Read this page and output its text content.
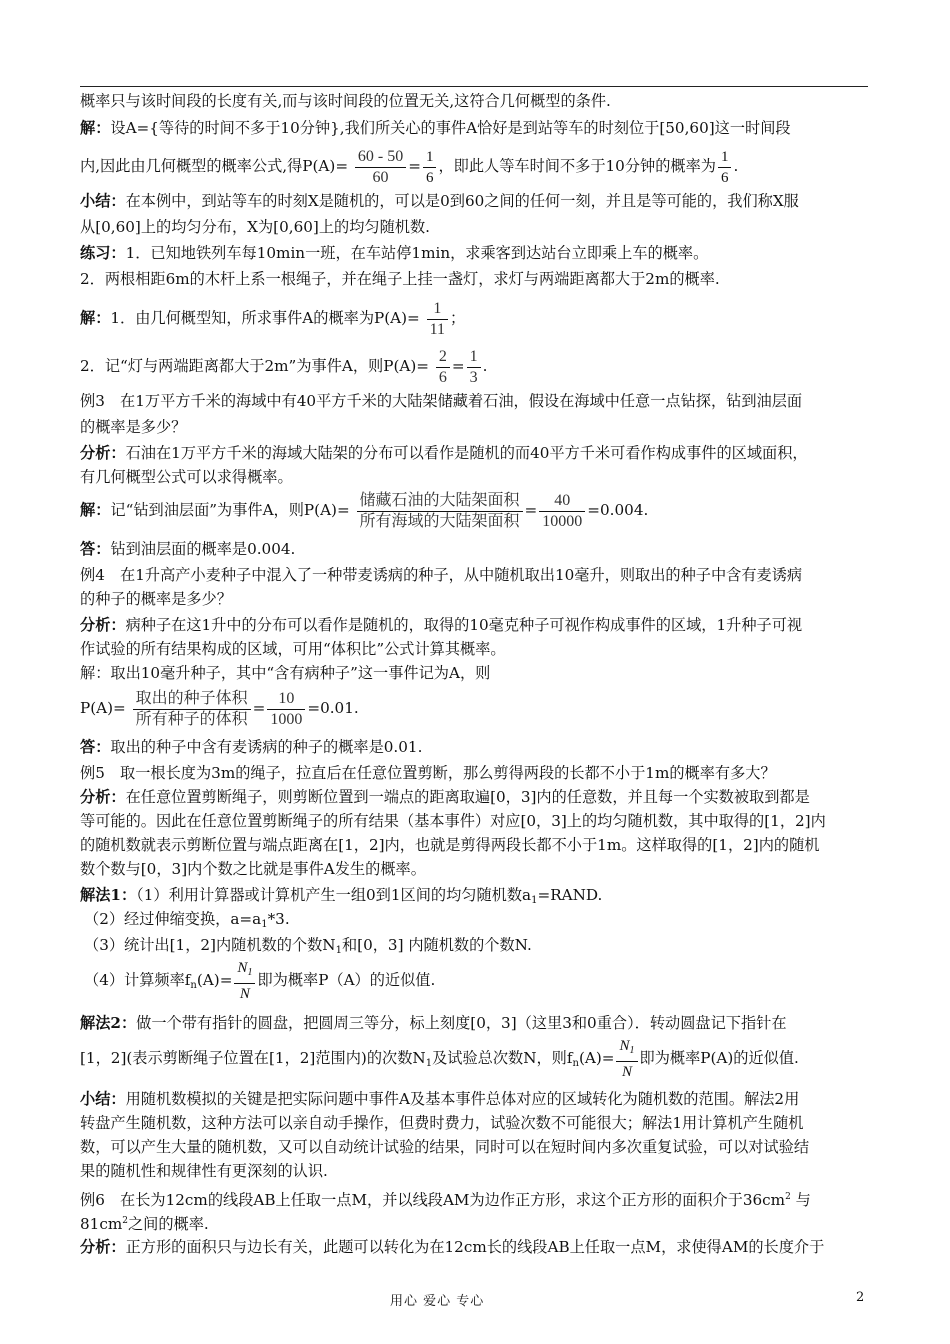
概率只与该时间段的长度有关,而与该时间段的位置无关,这符合几何概型的条件.
解：设A={等待的时间不多于10分钟},我们所关心的事件A恰好是到站等车的时刻位于[50,60]这一时间段
内,因此由几何概型的概率公式,得$P(A)= \frac{60 - 50}{60} = \frac{1}{6}$ ，即此人等车时间不多于10分钟的概率为 $\frac{1}{6}$ .
小结：在本例中，到站等车的时刻X是随机的，可以是0到60之间的任何一刻，并且是等可能的，我们称X服
从[0,60]上的均匀分布，X为[0,60]上的均匀随机数.
练习：1．已知地铁列车每10min一班，在车站停1min，求乘客到达站台立即乘上车的概率。
2．两根相距6m的木杆上系一根绳子，并在绳子上挂一盏灯，求灯与两端距离都大于2m的概率.
解：1．由几何概型知，所求事件A的概率为$P(A)= \frac{1}{11}$ ；
2．记“灯与两端距离都大于2m”为事件A，则$P(A)= \frac{2}{6} = \frac{1}{3}$ .
例3　在1万平方千米的海域中有40平方千米的大陆架储藏着石油，假设在海域中任意一点钻探，钻到油层面
的概率是多少？
分析：石油在1万平方千米的海域大陆架的分布可以看作是随机的而40平方千米可看作构成事件的区域面积，
有几何概型公式可以求得概率。
解：记“钻到油层面”为事件A，则$P(A)= \frac{\text{储藏石油的大陆架面积}}{\text{所有海域的大陆架面积}} = \frac{40}{10000} =0.004$.
答：钻到油层面的概率是0.004.
例4　在1升高产小麦种子中混入了一种带麦诱病的种子，从中随机取出10毫升，则取出的种子中含有麦诱病
的种子的概率是多少？
分析：病种子在这1升中的分布可以看作是随机的，取得的10毫克种子可视作构成事件的区域，1升种子可视
作试验的所有结果构成的区域，可用“体积比”公式计算其概率。
解：取出10毫升种子，其中“含有病种子”这一事件记为A，则
$P(A)= \frac{\text{取出的种子体积}}{\text{所有种子的体积}} = \frac{10}{1000} =0.01$.
答：取出的种子中含有麦诱病的种子的概率是0.01.
例5　取一根长度为3m的绳子，拉直后在任意位置剪断，那么剪得两段的长都不小于1m的概率有多大？
分析：在任意位置剪断绳子，则剪断位置到一端点的距离取遍[0，3]内的任意数，并且每一个实数被取到都是
等可能的。因此在任意位置剪断绳子的所有结果（基本事件）对应[0，3]上的均匀随机数，其中取得的[1，2]内
的随机数就表示剪断位置与端点距离在[1，2]内，也就是剪得两段长都不小于1m。这样取得的[1，2]内的随机
数个数与[0，3]内个数之比就是事件A发生的概率。
解法1：（1）利用计算器或计算机产生一组0到1区间的均匀随机数$a_1=RAND$.
（2）经过伸缩变换，$a=a_1*3$.
（3）统计出[1，2]内随机数的个数$N_1$和[0，3] 内随机数的个数N.
（4）计算频率$f_n(A)= \frac{N_1}{N}$ 即为概率P（A）的近似值.
解法2：做一个带有指针的圆盘，把圆周三等分，标上刻度[0，3]（这里3和0重合）．转动圆盘记下指针在
[1，2](表示剪断绳子位置在[1，2]范围内)的次数$N_1$及试验总次数N，则$f_n(A)= \frac{N_1}{N}$ 即为概率P(A)的近似值.
小结：用随机数模拟的关键是把实际问题中事件A及基本事件总体对应的区域转化为随机数的范围。解法2用
转盘产生随机数，这种方法可以亲自动手操作，但费时费力，试验次数不可能很大；解法1用计算机产生随机
数，可以产生大量的随机数，又可以自动统计试验的结果，同时可以在短时间内多次重复试验，可以对试验结
果的随机性和规律性有更深刻的认识.
例6　在长为12cm的线段AB上任取一点M，并以线段AM为边作正方形，求这个正方形的面积介于$36cm^2$ 与
$81cm^2$之间的概率.
分析：正方形的面积只与边长有关，此题可以转化为在12cm长的线段AB上任取一点M，求使得AM的长度介于
用心 爱心 专心	2
